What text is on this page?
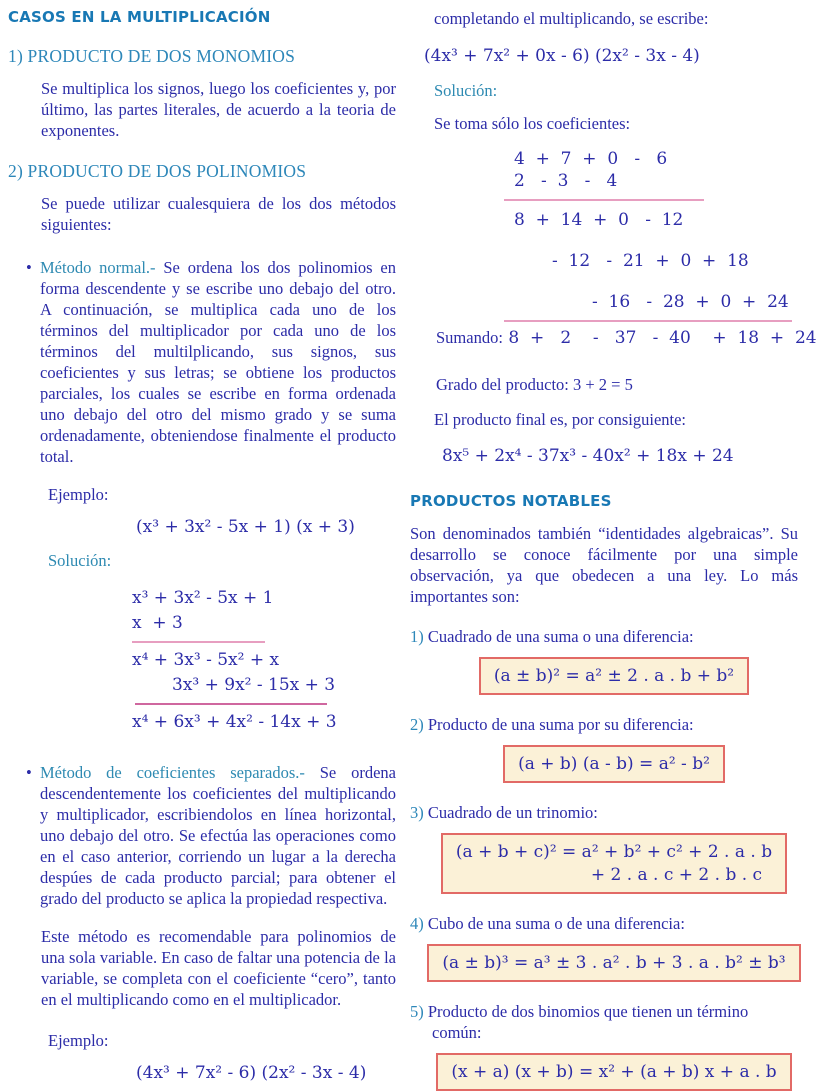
CASOS EN LA MULTIPLICACIÓN
1) PRODUCTO DE DOS MONOMIOS

Se multiplica los signos, luego los coeficientes y, por último, las partes literales, de acuerdo a la teoria de exponentes.

2) PRODUCTO DE DOS POLINOMIOS

Se puede utilizar cualesquiera de los dos métodos siguientes:

• Método normal.- Se ordena los dos polinomios en forma descendente y se escribe uno debajo del otro. A continuación, se multiplica cada uno de los términos del multiplicador por cada uno de los términos del multilplicando, sus signos, sus coeficientes y sus letras; se obtiene los productos parciales, los cuales se escribe en forma ordenada uno debajo del otro del mismo grado y se suma ordenadamente, obteniendose finalmente el producto total.

Ejemplo:

(x³ + 3x² - 5x + 1) (x + 3)

Solución:

x³ + 3x² - 5x + 1
x  + 3
x⁴ + 3x³ - 5x² + x
3x³ + 9x² - 15x + 3
x⁴ + 6x³ + 4x² - 14x + 3
• Método de coeficientes separados.- Se ordena descendentemente los coeficientes del multiplicando y multiplicador, escribiendolos en línea horizontal, uno debajo del otro. Se efectúa las operaciones como en el caso anterior, corriendo un lugar a la derecha despúes de cada producto parcial; para obtener el grado del producto se aplica la propiedad respectiva.

Este método es recomendable para polinomios de una sola variable. En caso de faltar una potencia de la variable, se completa con el coeficiente “cero”, tanto en el multiplicando como en el multiplicador.

Ejemplo:

(4x³ + 7x² - 6) (2x² - 3x - 4)

completando el multiplicando, se escribe:

(4x³ + 7x² + 0x - 6) (2x² - 3x - 4)

Solución:

Se toma sólo los coeficientes:

4  +  7  +  0   -   6
2   -  3   -   4
8  +  14  +  0   -  12
-  12   -  21  +  0  +  18
-  16   -  28  +  0  +  24

Sumando: 8  +   2    -   37   -  40    +  18  +  24

Grado del producto: 3 + 2 = 5

El producto final es, por consiguiente:

8x⁵ + 2x⁴ - 37x³ - 40x² + 18x + 24

PRODUCTOS NOTABLES

Son denominados también “identidades algebraicas”. Su desarrollo se conoce fácilmente por una simple observación, ya que obedecen a una ley. Lo más importantes son:

1) Cuadrado de una suma o una diferencia:

(a ± b)² = a² ± 2 . a . b + b²

2) Producto de una suma por su diferencia:

(a + b) (a - b) = a² - b²

3) Cuadrado de un trinomio:

(a + b + c)² = a² + b² + c² + 2 . a . b
+ 2 . a . c + 2 . b . c

4) Cubo de una suma o de una diferencia:

(a ± b)³ = a³ ± 3 . a² . b + 3 . a . b² ± b³

5) Producto de dos binomios que tienen un término común:

(x + a) (x + b) = x² + (a + b) x + a . b
